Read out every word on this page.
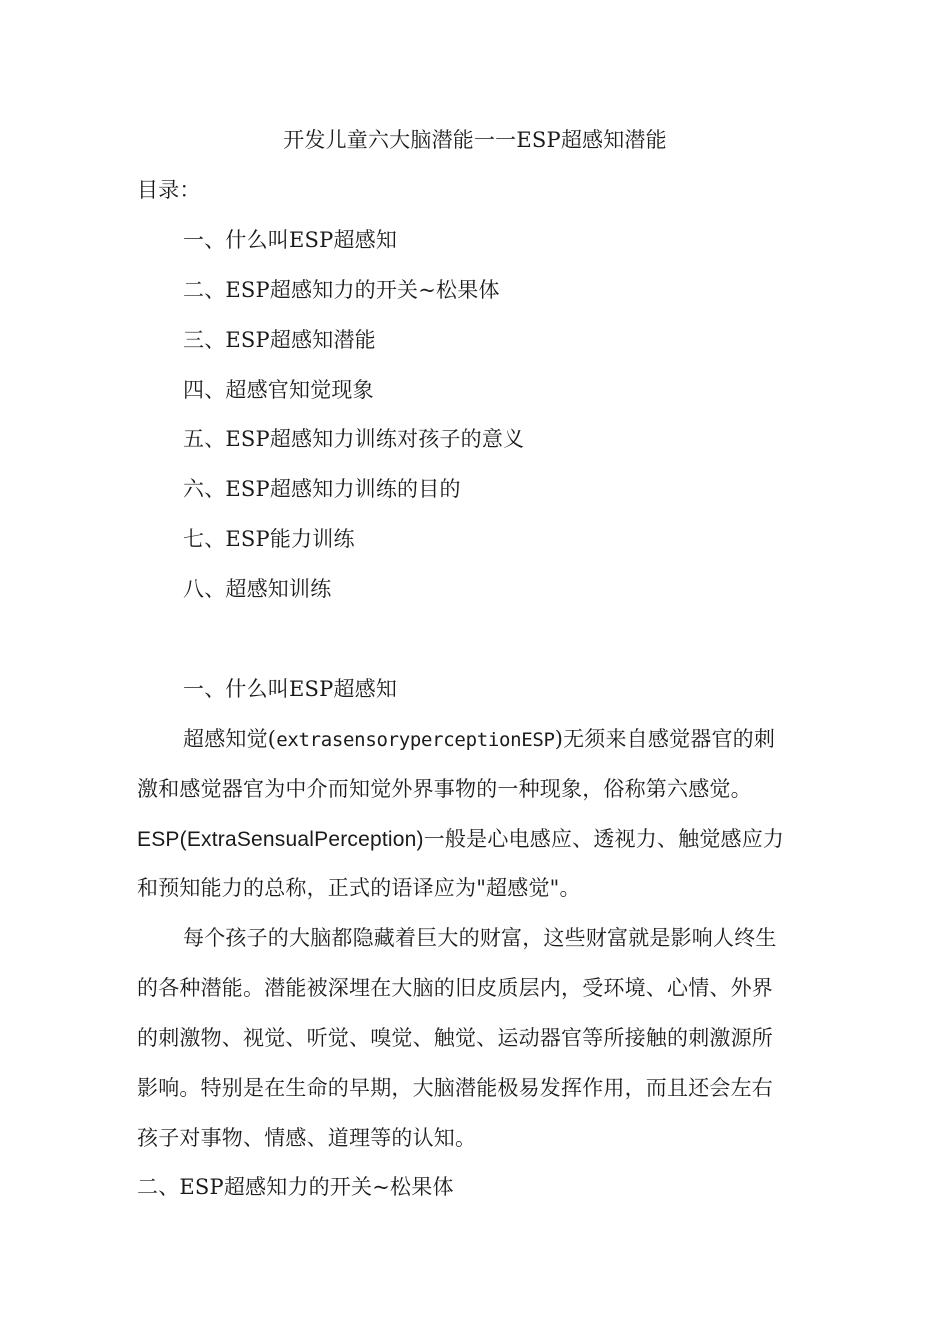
开发儿童六大脑潜能一一ESP超感知潜能
目录：
一、什么叫ESP超感知
二、ESP超感知力的开关~松果体
三、ESP超感知潜能
四、超感官知觉现象
五、ESP超感知力训练对孩子的意义
六、ESP超感知力训练的目的
七、ESP能力训练
八、超感知训练
一、什么叫ESP超感知
超感知觉(extrasensoryperceptionESP)无须来自感觉器官的刺
激和感觉器官为中介而知觉外界事物的一种现象，俗称第六感觉。
ESP(ExtraSensualPerception)一般是心电感应、透视力、触觉感应力
和预知能力的总称，正式的语译应为"超感觉"。
每个孩子的大脑都隐藏着巨大的财富，这些财富就是影响人终生
的各种潜能。潜能被深埋在大脑的旧皮质层内，受环境、心情、外界
的刺激物、视觉、听觉、嗅觉、触觉、运动器官等所接触的刺激源所
影响。特别是在生命的早期，大脑潜能极易发挥作用，而且还会左右
孩子对事物、情感、道理等的认知。
二、ESP超感知力的开关~松果体
